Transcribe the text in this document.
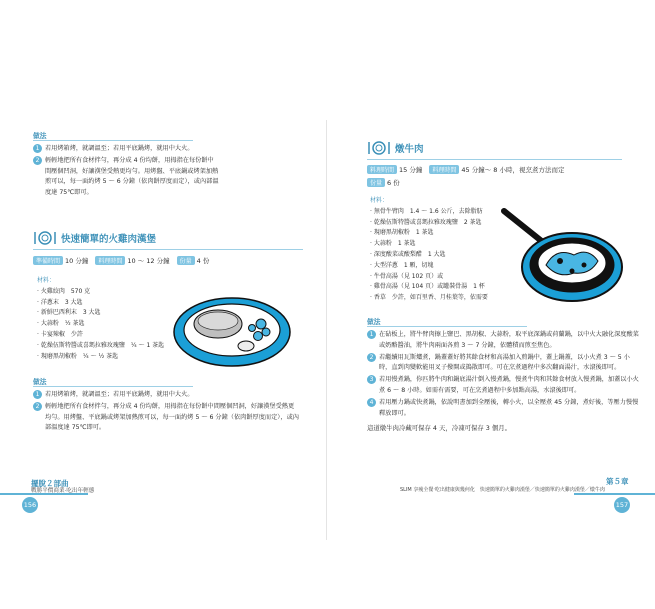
做法
1 若用烤箱烤，就調溫至；若用平底鍋烤，就用中大火。
2 輕輕地把所有食材拌勻，再分成 4 份均餅，用拇指在每份餅中間壓個凹洞，好讓漢堡受熱更均勻。用烤盤、平底鍋或烤架加熱煎可以，每一面約烤 5 ～ 6 分鐘（依肉餅厚度而定），或內部溫度達 75℃即可。
快速簡單的火雞肉漢堡
準備時間 10 分鐘	料理時間 10 ～ 12 分鐘	份量 4 份
材料：
‧ 火雞絞肉　570 克
‧ 洋蔥末　3 大匙
‧ 新鮮巴西利末　3 大匙
‧ 大蒜粉　½ 茶匙
‧ 卡宴辣椒　少許
‧ 乾燥伍斯特醬或喜瑪拉雅玫瑰鹽　¼ ～ 1 茶匙
‧ 現磨黑胡椒粉　¼ ～ ½ 茶匙
做法
1 若用烤箱烤，就調溫至；若用平底鍋烤，就用中大火。
2 輕輕地把所有食材拌勻，再分成 4 份均餅，用拇指在每份餅中間壓個凹洞，好讓漢堡受熱更均勻。用烤盤、平底鍋或烤架加熱煎可以，每一面約烤 5 ～ 6 分鐘（依肉餅厚度而定），或內部溫度達 75℃即可。
擺脫２部曲
戰勝平價商業‧吃出年輕態
156
燉牛肉
料理時間 15 分鐘	料理時間 45 分鐘～ 8 小時，視烹煮方法而定
份量 6 份
材料：
‧ 無骨牛臂肉　1.4 ～ 1.6 公斤，去除脂肪
‧ 乾燥伍斯特醬或喜瑪拉雅玫瑰鹽　2 茶匙
‧ 現磨黑胡椒粉　1 茶匙
‧ 大蒜粉　1 茶匙
‧ 深度酸菜或酸梨醋　1 大匙
‧ 大型洋蔥　1 顆，切塊
‧ 牛骨高湯（見 102 頁）或
‧ 雞骨高湯（見 104 頁）或罐裝骨湯　1 杯
‧ 香草　少許，如百里香、月桂葉等，依需要
做法
1 在砧板上，將牛臂肉擦上鹽巴、黑胡椒、大蒜粉，取平底深鍋或荷蘭鍋，以中火大融化深度酸菜或奶酪醬油，將牛肉兩面各煎 3 ～ 7 分鐘，依體積而煎至焦色。
2 若繼續用瓦斯爐煮，鍋蓋蓋好將其餘食材和高湯加入煎鍋中，蓋上鍋蓋，以小火煮 3 ～ 5 小時，直到肉變軟能用叉子撥開或搗散即可。可在烹煮過程中多次翻面湯汁，水滾後即可。
3 若用慢煮鍋，你匹將牛肉和鍋底湯汁倒入慢煮鍋，慢煮牛肉和其餘食材放入慢煮鍋，加蓋以小火煮 6 ～ 8 小時。如需有需要，可在烹煮過程中多加點高湯，水滾後即可。
4 若用壓力鍋或快煮鍋，依說明書加到全壓後，轉小火，以全壓煮 45 分鐘，煮好後，等壓力慢慢釋放即可。
這道燉牛肉冷藏可保存 4 天，冷凍可保存 3 個月。
第５章
SLIM 享瘦全餐‧吃出健康與幾何化　快速簡單的火雞肉漢堡／快速簡單的火雞肉漢堡／燉牛肉
157
